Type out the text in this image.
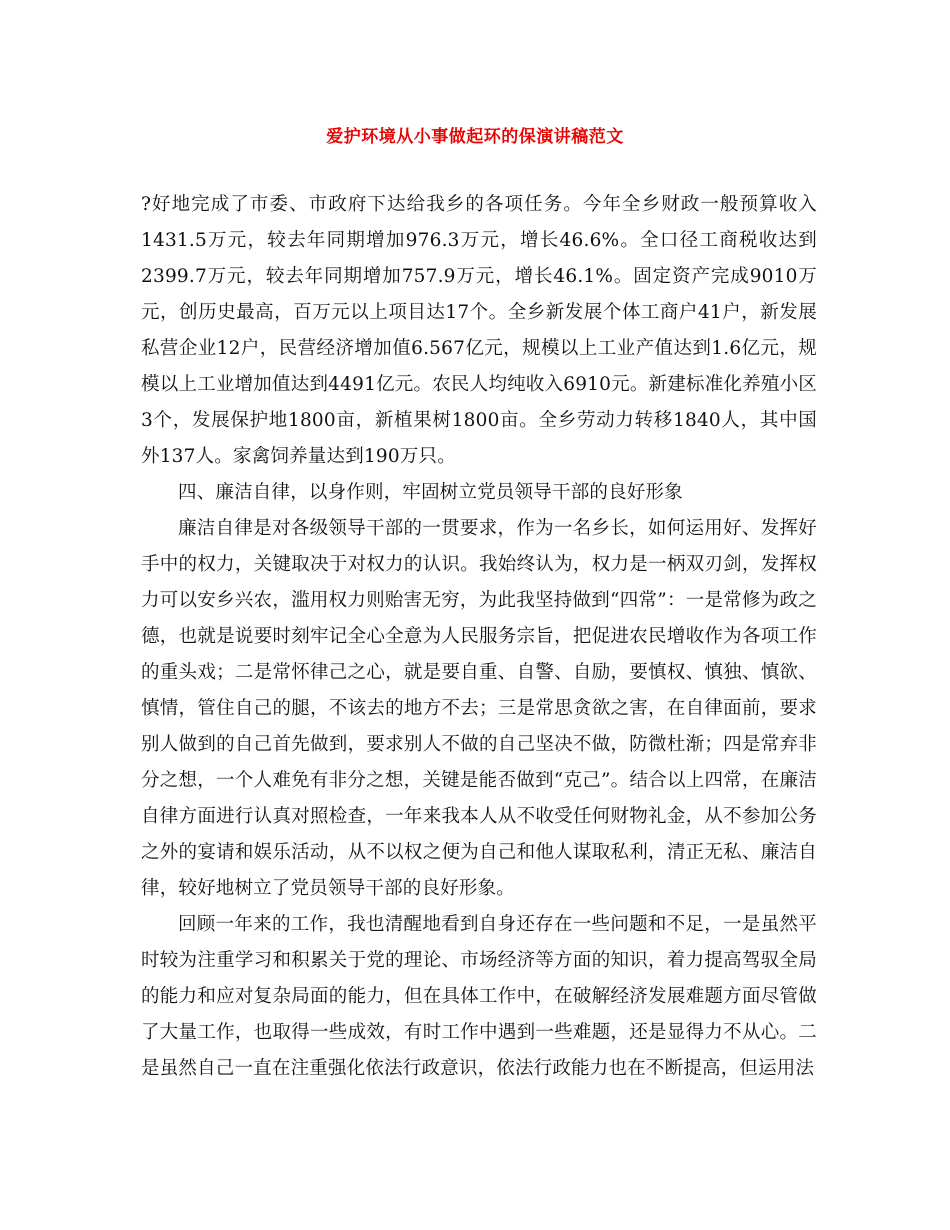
爱护环境从小事做起环的保演讲稿范文

?好地完成了市委、市政府下达给我乡的各项任务。今年全乡财政一般预算收入1431.5万元，较去年同期增加976.3万元，增长46.6%。全口径工商税收达到2399.7万元，较去年同期增加757.9万元，增长46.1%。固定资产完成9010万元，创历史最高，百万元以上项目达17个。全乡新发展个体工商户41户，新发展私营企业12户，民营经济增加值6.567亿元，规模以上工业产值达到1.6亿元，规模以上工业增加值达到4491亿元。农民人均纯收入6910元。新建标准化养殖小区3个，发展保护地1800亩，新植果树1800亩。全乡劳动力转移1840人，其中国外137人。家禽饲养量达到190万只。

四、廉洁自律，以身作则，牢固树立党员领导干部的良好形象

廉洁自律是对各级领导干部的一贯要求，作为一名乡长，如何运用好、发挥好手中的权力，关键取决于对权力的认识。我始终认为，权力是一柄双刃剑，发挥权力可以安乡兴农，滥用权力则贻害无穷，为此我坚持做到“四常”：一是常修为政之德，也就是说要时刻牢记全心全意为人民服务宗旨，把促进农民增收作为各项工作的重头戏；二是常怀律己之心，就是要自重、自警、自励，要慎权、慎独、慎欲、慎情，管住自己的腿，不该去的地方不去；三是常思贪欲之害，在自律面前，要求别人做到的自己首先做到，要求别人不做的自己坚决不做，防微杜渐；四是常弃非分之想，一个人难免有非分之想，关键是能否做到“克己”。结合以上四常，在廉洁自律方面进行认真对照检查，一年来我本人从不收受任何财物礼金，从不参加公务之外的宴请和娱乐活动，从不以权之便为自己和他人谋取私利，清正无私、廉洁自律，较好地树立了党员领导干部的良好形象。

回顾一年来的工作，我也清醒地看到自身还存在一些问题和不足，一是虽然平时较为注重学习和积累关于党的理论、市场经济等方面的知识，着力提高驾驭全局的能力和应对复杂局面的能力，但在具体工作中，在破解经济发展难题方面尽管做了大量工作，也取得一些成效，有时工作中遇到一些难题，还是显得力不从心。二是虽然自己一直在注重强化依法行政意识，依法行政能力也在不断提高，但运用法
